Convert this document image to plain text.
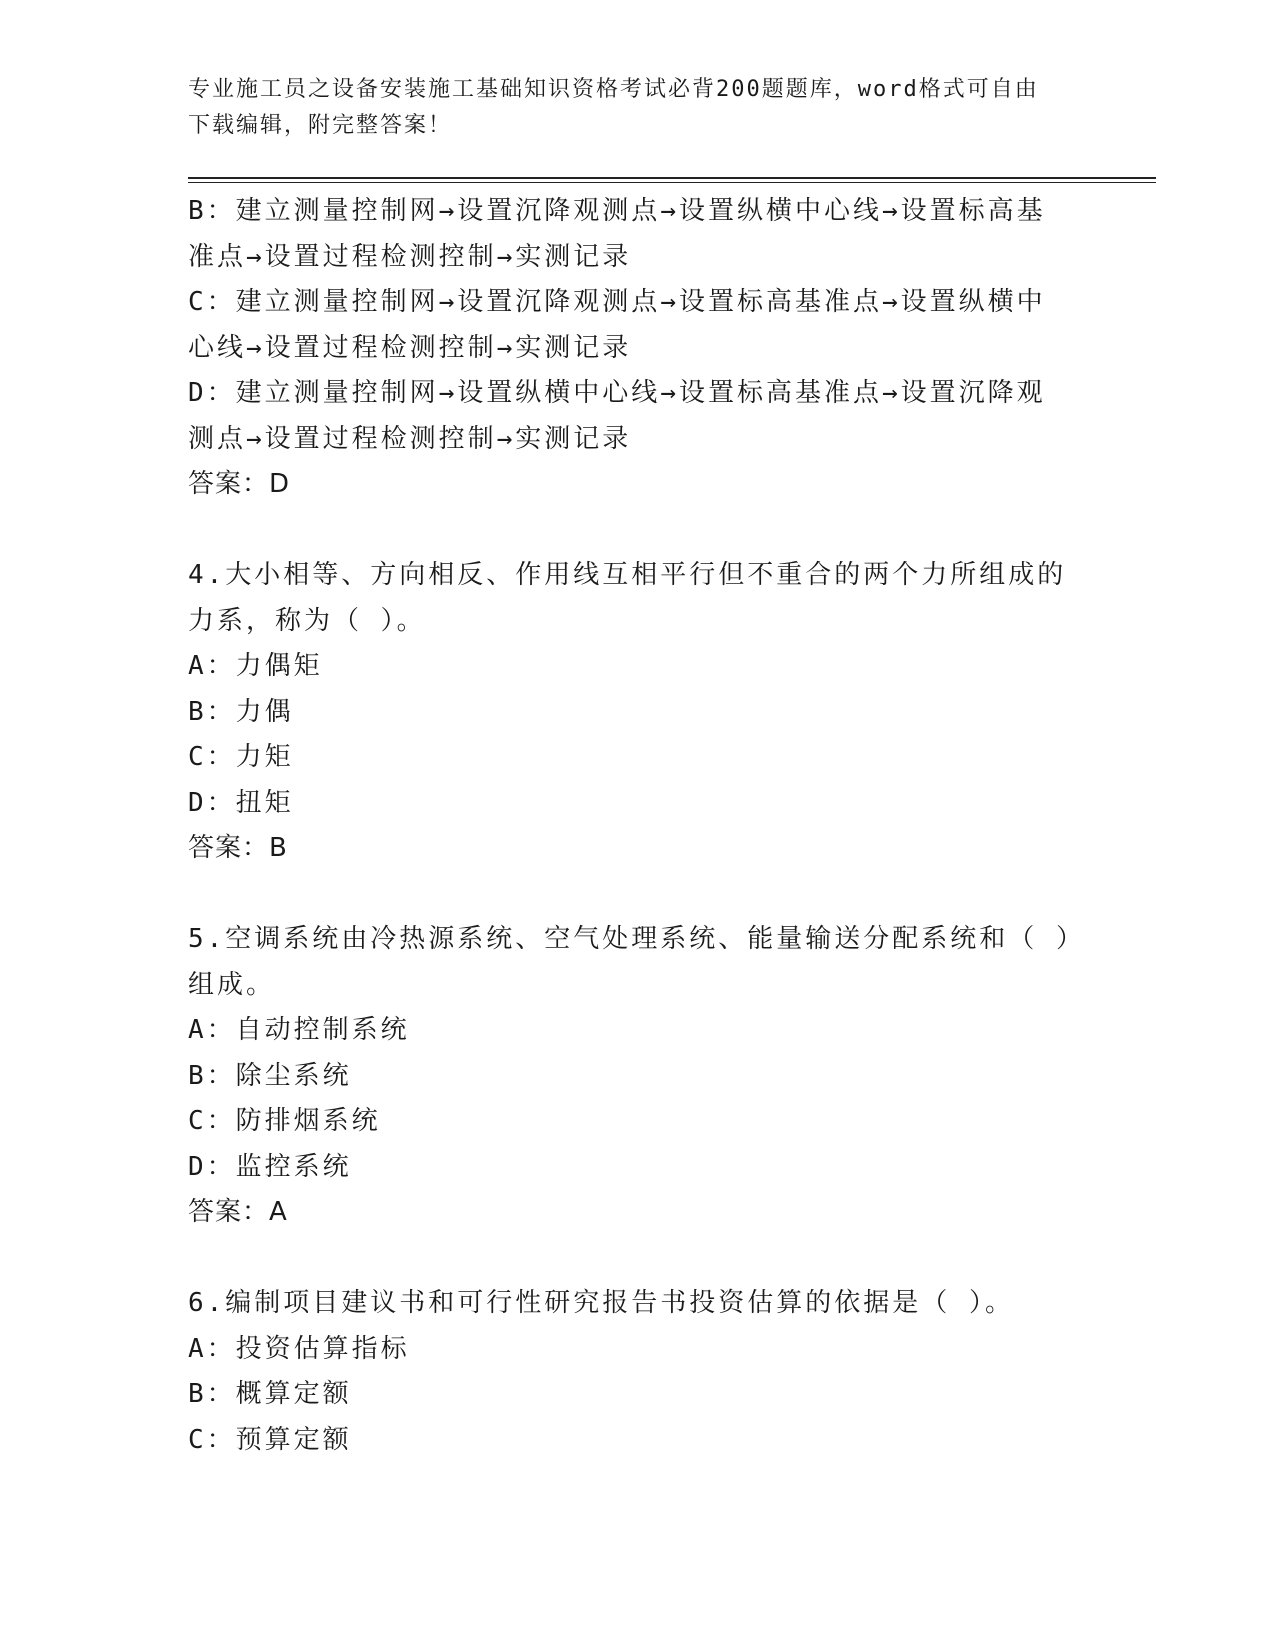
专业施工员之设备安装施工基础知识资格考试必背200题题库，word格式可自由
下载编辑，附完整答案！
B：建立测量控制网→设置沉降观测点→设置纵横中心线→设置标高基
准点→设置过程检测控制→实测记录
C：建立测量控制网→设置沉降观测点→设置标高基准点→设置纵横中
心线→设置过程检测控制→实测记录
D：建立测量控制网→设置纵横中心线→设置标高基准点→设置沉降观
测点→设置过程检测控制→实测记录
答案：D
4.大小相等、方向相反、作用线互相平行但不重合的两个力所组成的
力系，称为（ ）。
A：力偶矩
B：力偶
C：力矩
D：扭矩
答案：B
5.空调系统由冷热源系统、空气处理系统、能量输送分配系统和（ ）
组成。
A：自动控制系统
B：除尘系统
C：防排烟系统
D：监控系统
答案：A
6.编制项目建议书和可行性研究报告书投资估算的依据是（ ）。
A：投资估算指标
B：概算定额
C：预算定额
